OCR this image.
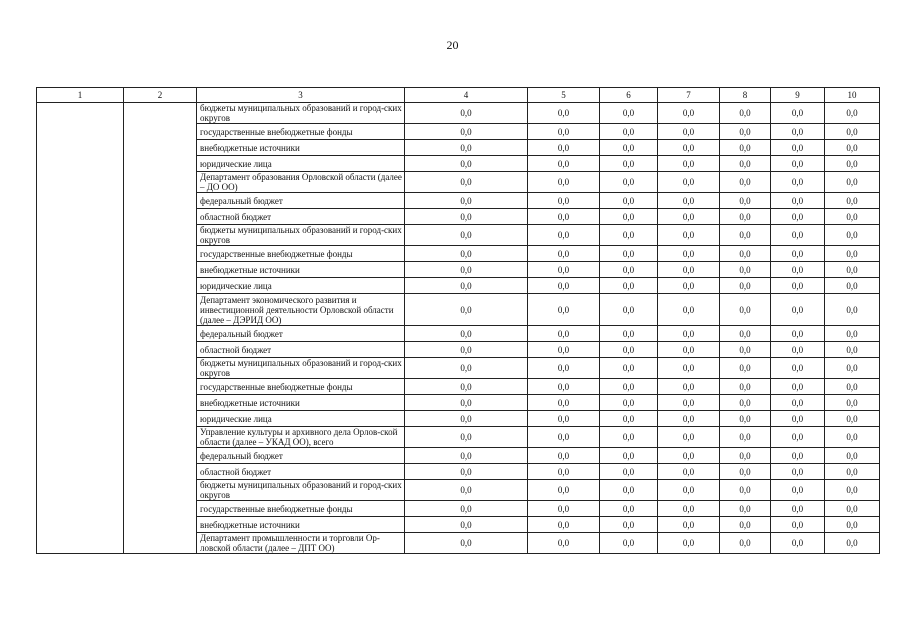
20
1	2	3	4	5	6	7	8	9	10
		бюджеты муниципальных образований и город-ских округов	0,0	0,0	0,0	0,0	0,0	0,0	0,0
		государственные внебюджетные фонды	0,0	0,0	0,0	0,0	0,0	0,0	0,0
		внебюджетные источники	0,0	0,0	0,0	0,0	0,0	0,0	0,0
		юридические лица	0,0	0,0	0,0	0,0	0,0	0,0	0,0
		Департамент образования Орловской области (далее – ДО ОО)	0,0	0,0	0,0	0,0	0,0	0,0	0,0
		федеральный бюджет	0,0	0,0	0,0	0,0	0,0	0,0	0,0
		областной бюджет	0,0	0,0	0,0	0,0	0,0	0,0	0,0
		бюджеты муниципальных образований и город-ских округов	0,0	0,0	0,0	0,0	0,0	0,0	0,0
		государственные внебюджетные фонды	0,0	0,0	0,0	0,0	0,0	0,0	0,0
		внебюджетные источники	0,0	0,0	0,0	0,0	0,0	0,0	0,0
		юридические лица	0,0	0,0	0,0	0,0	0,0	0,0	0,0
		Департамент экономического развития и инвестиционной деятельности Орловской области (далее – ДЭРИД ОО)	0,0	0,0	0,0	0,0	0,0	0,0	0,0
		федеральный бюджет	0,0	0,0	0,0	0,0	0,0	0,0	0,0
		областной бюджет	0,0	0,0	0,0	0,0	0,0	0,0	0,0
		бюджеты муниципальных образований и город-ских округов	0,0	0,0	0,0	0,0	0,0	0,0	0,0
		государственные внебюджетные фонды	0,0	0,0	0,0	0,0	0,0	0,0	0,0
		внебюджетные источники	0,0	0,0	0,0	0,0	0,0	0,0	0,0
		юридические лица	0,0	0,0	0,0	0,0	0,0	0,0	0,0
		Управление культуры и архивного дела Орлов-ской области (далее – УКАД ОО), всего	0,0	0,0	0,0	0,0	0,0	0,0	0,0
		федеральный бюджет	0,0	0,0	0,0	0,0	0,0	0,0	0,0
		областной бюджет	0,0	0,0	0,0	0,0	0,0	0,0	0,0
		бюджеты муниципальных образований и город-ских округов	0,0	0,0	0,0	0,0	0,0	0,0	0,0
		государственные внебюджетные фонды	0,0	0,0	0,0	0,0	0,0	0,0	0,0
		внебюджетные источники	0,0	0,0	0,0	0,0	0,0	0,0	0,0
		Департамент промышленности и торговли Ор-ловской области (далее – ДПТ ОО)	0,0	0,0	0,0	0,0	0,0	0,0	0,0
